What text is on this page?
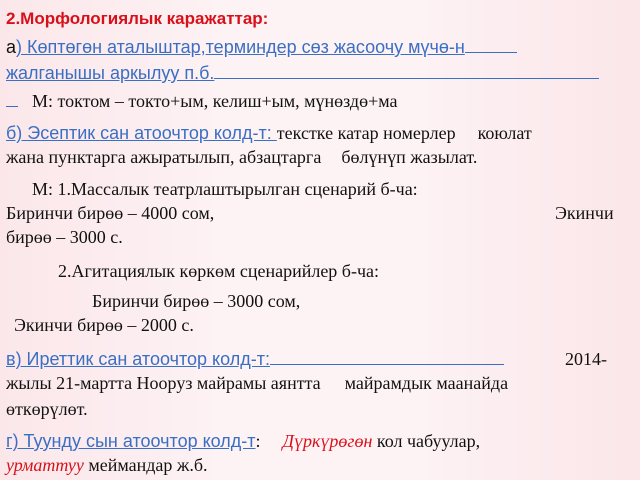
2.Морфологиялык каражаттар:
а) Көптөгөн аталыштар,терминдер сөз жасоочу мүчө-н
жалганышы аркылуу п.б.
М: токтом – токто+ым, келиш+ым, мүнөздө+ма
б) Эсептик сан атоочтор колд-т: текстке катар номерлер коюлат
жана пунктарга ажыратылып, абзацтарга бөлүнүп жазылат.
М: 1.Массалык театрлаштырылган сценарий б-ча:
Биринчи бирөө – 4000 сом,	Экинчи
бирөө – 3000 с.
2.Агитациялык көркөм сценарийлер б-ча:
Биринчи бирөө – 3000 сом,
Экинчи бирөө – 2000 с.
в) Иреттик сан атоочтор колд-т:	2014-
жылы 21-мартта Нооруз майрамы аянтта майрамдык маанайда
өткөрүлөт.
г) Туунду сын атоочтор колд-т: Дүркүрөгөн кол чабуулар,
урматтуу меймандар ж.б.
